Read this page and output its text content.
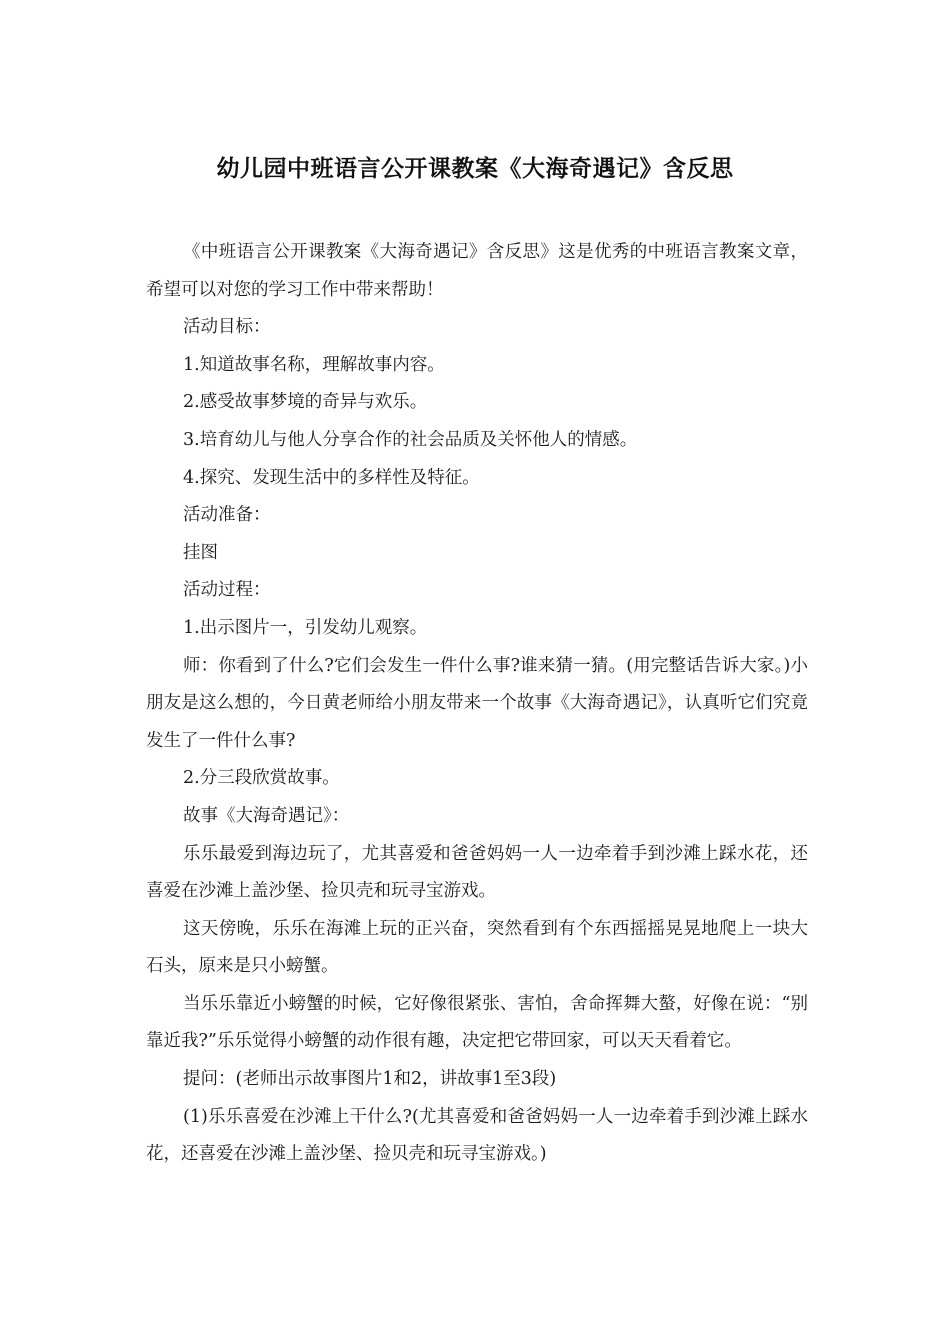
幼儿园中班语言公开课教案《大海奇遇记》含反思

《中班语言公开课教案《大海奇遇记》含反思》这是优秀的中班语言教案文章，希望可以对您的学习工作中带来帮助！

活动目标：

1.知道故事名称，理解故事内容。

2.感受故事梦境的奇异与欢乐。

3.培育幼儿与他人分享合作的社会品质及关怀他人的情感。

4.探究、发现生活中的多样性及特征。

活动准备：

挂图

活动过程：

1.出示图片一，引发幼儿观察。

师：你看到了什么?它们会发生一件什么事?谁来猜一猜。(用完整话告诉大家。)小朋友是这么想的，今日黄老师给小朋友带来一个故事《大海奇遇记》，认真听它们究竟发生了一件什么事?

2.分三段欣赏故事。

故事《大海奇遇记》：

乐乐最爱到海边玩了，尤其喜爱和爸爸妈妈一人一边牵着手到沙滩上踩水花，还喜爱在沙滩上盖沙堡、捡贝壳和玩寻宝游戏。

这天傍晚，乐乐在海滩上玩的正兴奋，突然看到有个东西摇摇晃晃地爬上一块大石头，原来是只小螃蟹。

当乐乐靠近小螃蟹的时候，它好像很紧张、害怕，舍命挥舞大螯，好像在说：“别靠近我?”乐乐觉得小螃蟹的动作很有趣，决定把它带回家，可以天天看着它。

提问：(老师出示故事图片1和2，讲故事1至3段)

(1)乐乐喜爱在沙滩上干什么?(尤其喜爱和爸爸妈妈一人一边牵着手到沙滩上踩水花，还喜爱在沙滩上盖沙堡、捡贝壳和玩寻宝游戏。)
